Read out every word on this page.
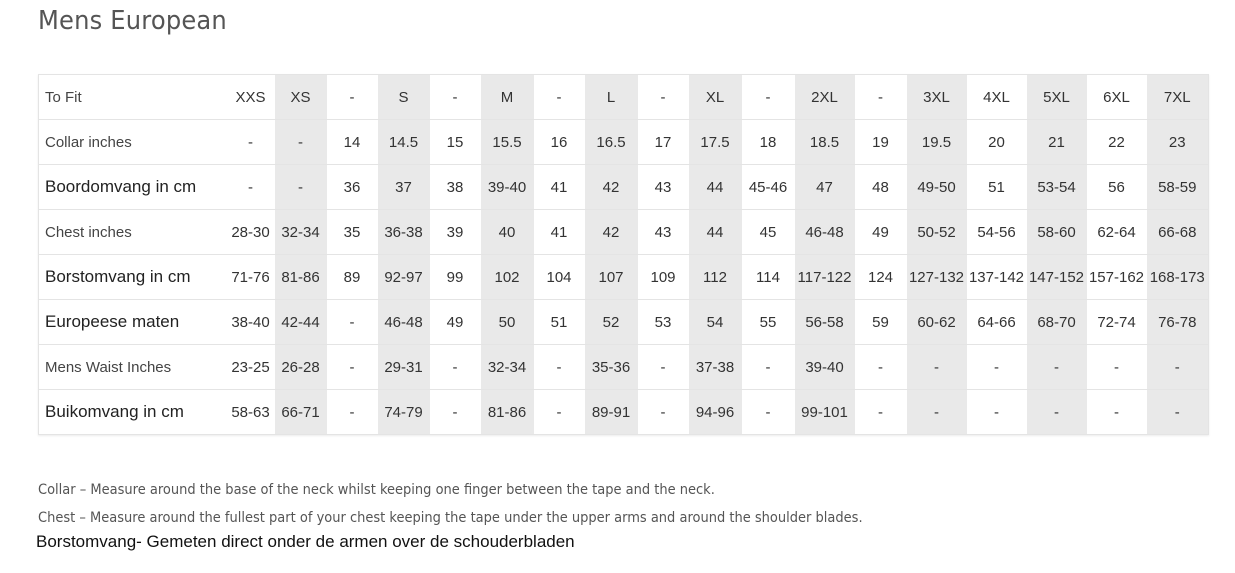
Mens European
To Fit	XXS	XS	-	S	-	M	-	L	-	XL	-	2XL	-	3XL	4XL	5XL	6XL	7XL
Collar inches	-	-	14	14.5	15	15.5	16	16.5	17	17.5	18	18.5	19	19.5	20	21	22	23
Boordomvang in cm	-	-	36	37	38	39-40	41	42	43	44	45-46	47	48	49-50	51	53-54	56	58-59
Chest inches	28-30	32-34	35	36-38	39	40	41	42	43	44	45	46-48	49	50-52	54-56	58-60	62-64	66-68
Borstomvang in cm	71-76	81-86	89	92-97	99	102	104	107	109	112	114	117-122	124	127-132	137-142	147-152	157-162	168-173
Europeese maten	38-40	42-44	-	46-48	49	50	51	52	53	54	55	56-58	59	60-62	64-66	68-70	72-74	76-78
Mens Waist Inches	23-25	26-28	-	29-31	-	32-34	-	35-36	-	37-38	-	39-40	-	-	-	-	-	-
Buikomvang in cm	58-63	66-71	-	74-79	-	81-86	-	89-91	-	94-96	-	99-101	-	-	-	-	-	-
Collar – Measure around the base of the neck whilst keeping one finger between the tape and the neck.
Chest – Measure around the fullest part of your chest keeping the tape under the upper arms and around the shoulder blades.
Borstomvang- Gemeten direct onder de armen over de schouderbladen
